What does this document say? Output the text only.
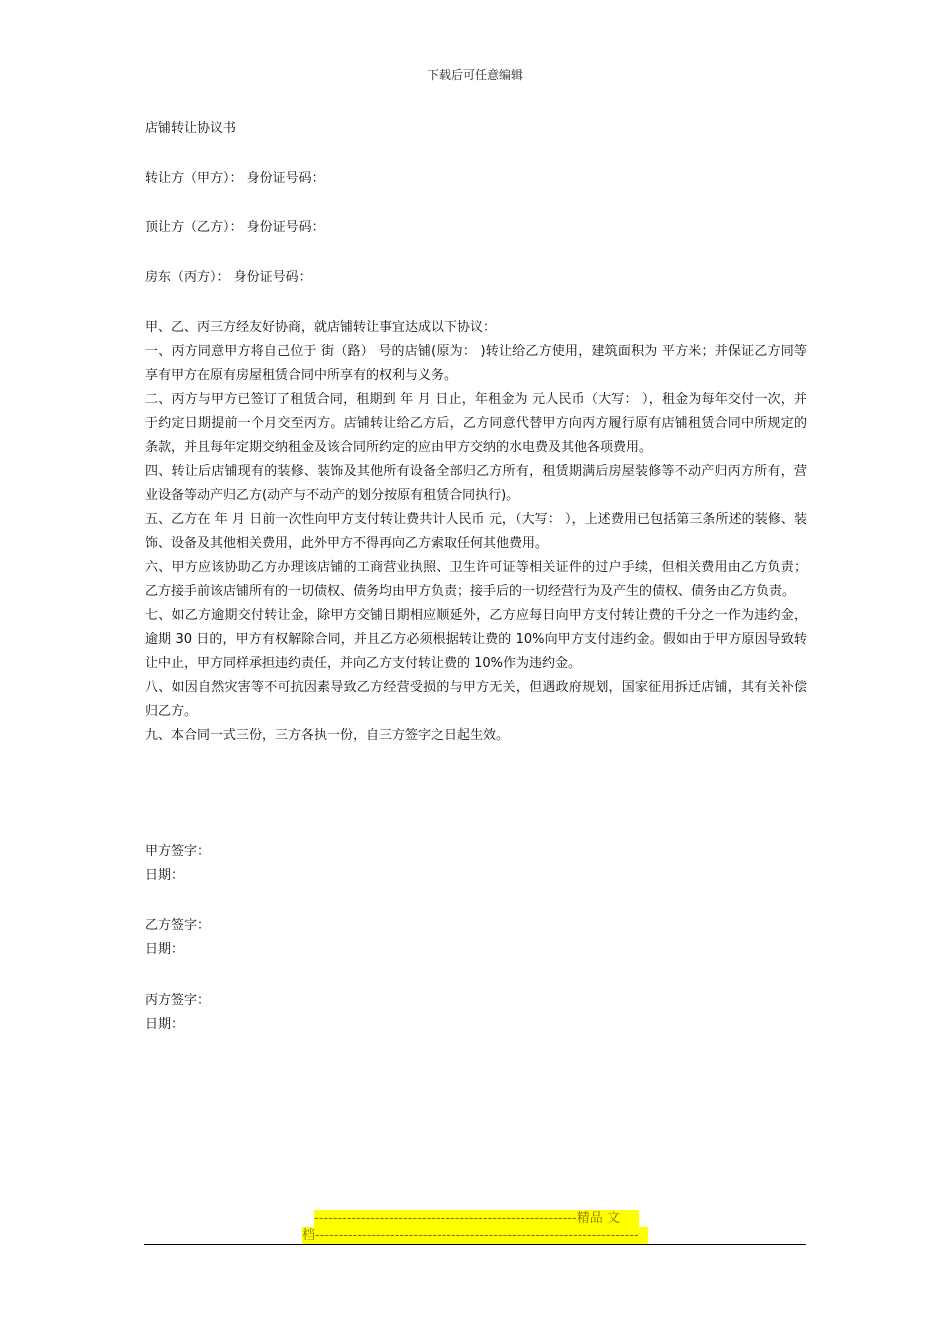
下载后可任意编辑
店铺转让协议书
转让方（甲方）： 身份证号码：
顶让方（乙方）： 身份证号码：
房东（丙方）： 身份证号码：

甲、乙、丙三方经友好协商，就店铺转让事宜达成以下协议：

一、丙方同意甲方将自己位于 街（路） 号的店铺(原为： )转让给乙方使用，建筑面积为 平方米；并保证乙方同等享有甲方在原有房屋租赁合同中所享有的权利与义务。

二、丙方与甲方已签订了租赁合同，租期到 年 月 日止，年租金为 元人民币（大写： ），租金为每年交付一次，并于约定日期提前一个月交至丙方。店铺转让给乙方后，乙方同意代替甲方向丙方履行原有店铺租赁合同中所规定的条款，并且每年定期交纳租金及该合同所约定的应由甲方交纳的水电费及其他各项费用。

四、转让后店铺现有的装修、装饰及其他所有设备全部归乙方所有，租赁期满后房屋装修等不动产归丙方所有，营业设备等动产归乙方(动产与不动产的划分按原有租赁合同执行)。

五、乙方在 年 月 日前一次性向甲方支付转让费共计人民币 元，（大写： ），上述费用已包括第三条所述的装修、装饰、设备及其他相关费用，此外甲方不得再向乙方索取任何其他费用。

六、甲方应该协助乙方办理该店铺的工商营业执照、卫生许可证等相关证件的过户手续，但相关费用由乙方负责；乙方接手前该店铺所有的一切债权、债务均由甲方负责；接手后的一切经营行为及产生的债权、债务由乙方负责。

七、如乙方逾期交付转让金，除甲方交铺日期相应顺延外，乙方应每日向甲方支付转让费的千分之一作为违约金，逾期 30 日的，甲方有权解除合同，并且乙方必须根据转让费的 10%向甲方支付违约金。假如由于甲方原因导致转让中止，甲方同样承担违约责任，并向乙方支付转让费的 10%作为违约金。

八、如因自然灾害等不可抗因素导致乙方经营受损的与甲方无关，但遇政府规划，国家征用拆迁店铺，其有关补偿归乙方。

九、本合同一式三份，三方各执一份，自三方签字之日起生效。

甲方签字：
日期：
乙方签字：
日期：
丙方签字：
日期：
--------------------------------------------------------精品 文
档---------------------------------------------------------------------
